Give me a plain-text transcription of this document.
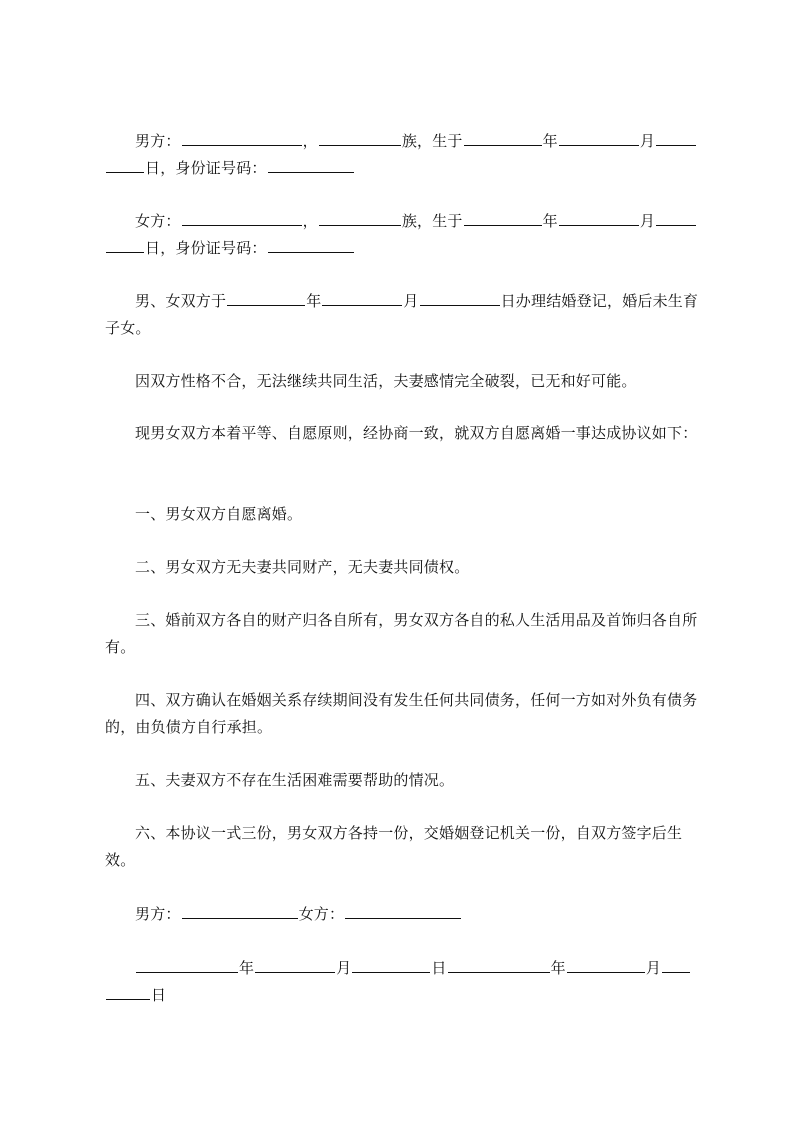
男方：	，	族，生于	年	月日，身份证号码：

女方：	，	族，生于	年	月日，身份证号码：

男、女双方于	年	月	日办理结婚登记，婚后未生育子女。

因双方性格不合，无法继续共同生活，夫妻感情完全破裂，已无和好可能。

现男女双方本着平等、自愿原则，经协商一致，就双方自愿离婚一事达成协议如下：

一、男女双方自愿离婚。

二、男女双方无夫妻共同财产，无夫妻共同债权。

三、婚前双方各自的财产归各自所有，男女双方各自的私人生活用品及首饰归各自所有。

四、双方确认在婚姻关系存续期间没有发生任何共同债务，任何一方如对外负有债务的，由负债方自行承担。

五、夫妻双方不存在生活困难需要帮助的情况。

六、本协议一式三份，男女双方各持一份，交婚姻登记机关一份，自双方签字后生效。

男方：	女方：

年	月	日	年	月日
